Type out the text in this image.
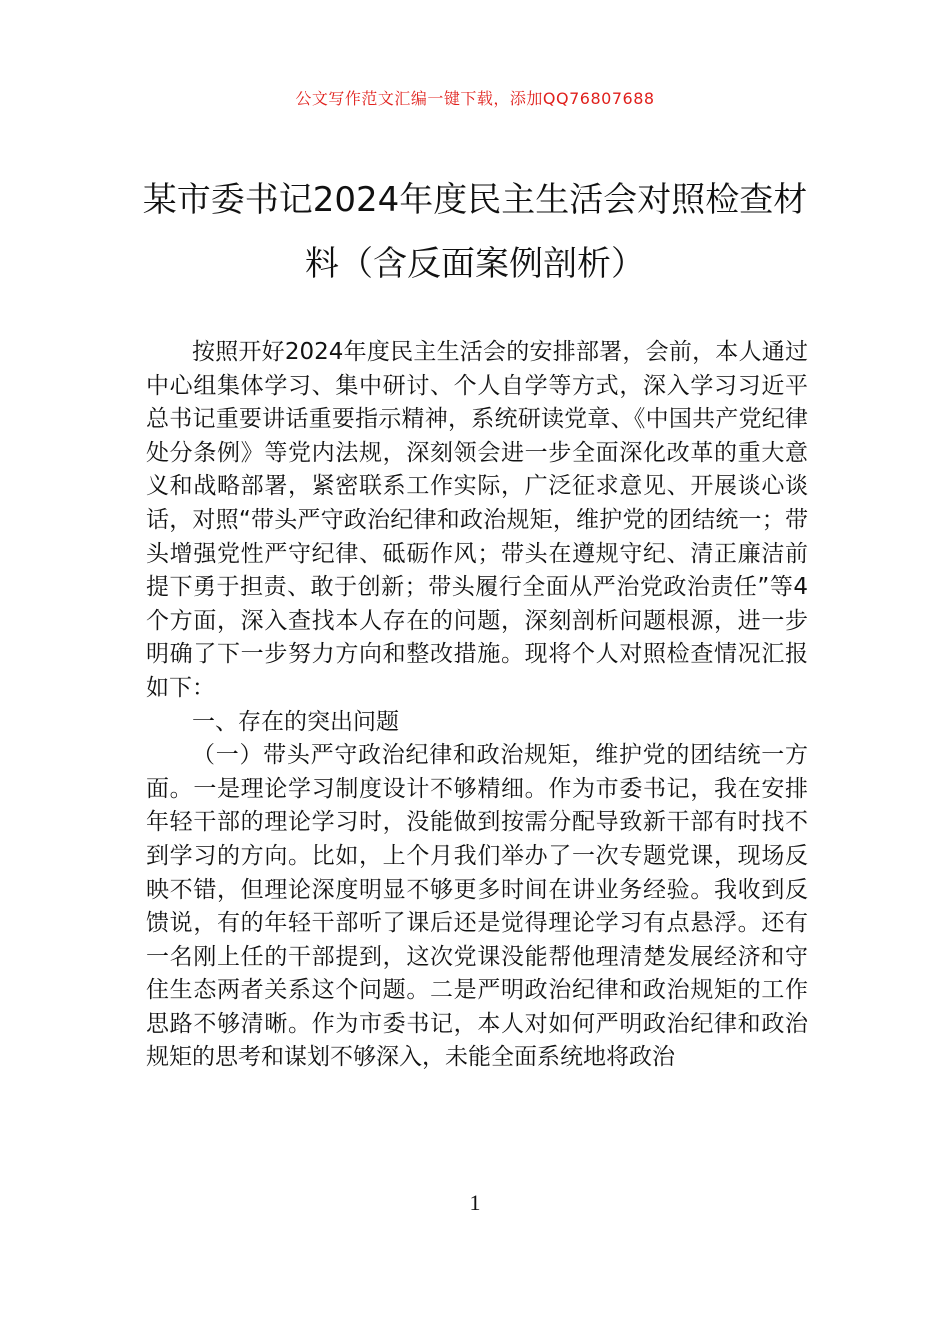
公文写作范文汇编一键下载，添加QQ76807688
某市委书记2024年度民主生活会对照检查材料（含反面案例剖析）

按照开好2024年度民主生活会的安排部署，会前，本人通过中心组集体学习、集中研讨、个人自学等方式，深入学习习近平总书记重要讲话重要指示精神，系统研读党章、《中国共产党纪律处分条例》等党内法规，深刻领会进一步全面深化改革的重大意义和战略部署，紧密联系工作实际，广泛征求意见、开展谈心谈话，对照“带头严守政治纪律和政治规矩，维护党的团结统一；带头增强党性严守纪律、砥砺作风；带头在遵规守纪、清正廉洁前提下勇于担责、敢于创新；带头履行全面从严治党政治责任”等4个方面，深入查找本人存在的问题，深刻剖析问题根源，进一步明确了下一步努力方向和整改措施。现将个人对照检查情况汇报如下：

一、存在的突出问题

（一）带头严守政治纪律和政治规矩，维护党的团结统一方面。一是理论学习制度设计不够精细。作为市委书记，我在安排年轻干部的理论学习时，没能做到按需分配导致新干部有时找不到学习的方向。比如，上个月我们举办了一次专题党课，现场反映不错，但理论深度明显不够更多时间在讲业务经验。我收到反馈说，有的年轻干部听了课后还是觉得理论学习有点悬浮。还有一名刚上任的干部提到，这次党课没能帮他理清楚发展经济和守住生态两者关系这个问题。二是严明政治纪律和政治规矩的工作思路不够清晰。作为市委书记，本人对如何严明政治纪律和政治规矩的思考和谋划不够深入，未能全面系统地将政治

1
